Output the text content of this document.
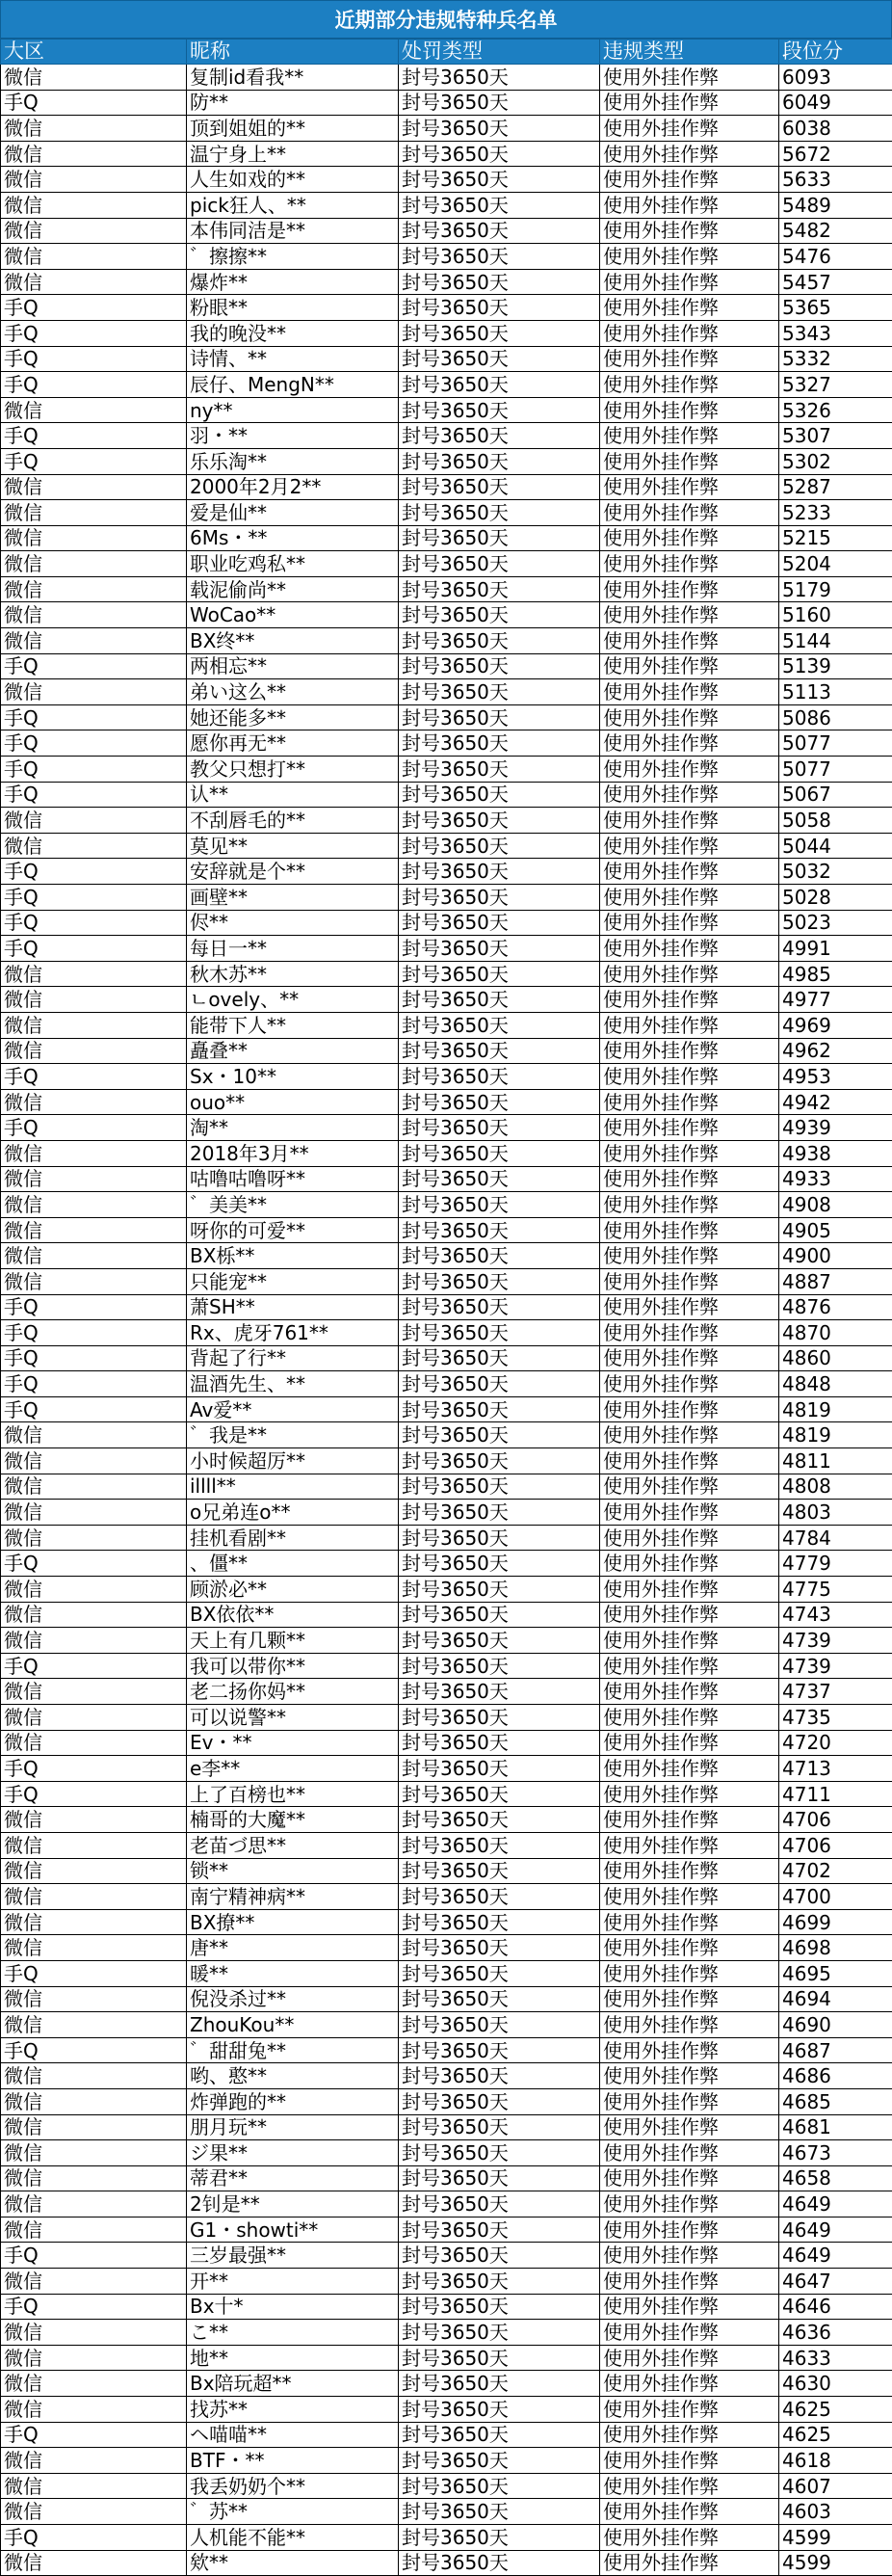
近期部分违规特种兵名单
大区	昵称	处罚类型	违规类型	段位分
微信	复制id看我**	封号3650天	使用外挂作弊	6093
手Q	防**	封号3650天	使用外挂作弊	6049
微信	顶到姐姐的**	封号3650天	使用外挂作弊	6038
微信	温宁身上**	封号3650天	使用外挂作弊	5672
微信	人生如戏的**	封号3650天	使用外挂作弊	5633
微信	pick狂人、**	封号3650天	使用外挂作弊	5489
微信	本伟同洁是**	封号3650天	使用外挂作弊	5482
微信	゛擦擦**	封号3650天	使用外挂作弊	5476
微信	爆炸**	封号3650天	使用外挂作弊	5457
手Q	粉眼**	封号3650天	使用外挂作弊	5365
手Q	我的晚没**	封号3650天	使用外挂作弊	5343
手Q	诗情、**	封号3650天	使用外挂作弊	5332
手Q	辰仔、MengN**	封号3650天	使用外挂作弊	5327
微信	ny**	封号3650天	使用外挂作弊	5326
手Q	羽・**	封号3650天	使用外挂作弊	5307
手Q	乐乐淘**	封号3650天	使用外挂作弊	5302
微信	2000年2月2**	封号3650天	使用外挂作弊	5287
微信	爱是仙**	封号3650天	使用外挂作弊	5233
微信	6Ms・**	封号3650天	使用外挂作弊	5215
微信	职业吃鸡私**	封号3650天	使用外挂作弊	5204
微信	载泥偷尚**	封号3650天	使用外挂作弊	5179
微信	WoCao**	封号3650天	使用外挂作弊	5160
微信	BX终**	封号3650天	使用外挂作弊	5144
手Q	两相忘**	封号3650天	使用外挂作弊	5139
微信	弟い这么**	封号3650天	使用外挂作弊	5113
手Q	她还能多**	封号3650天	使用外挂作弊	5086
手Q	愿你再无**	封号3650天	使用外挂作弊	5077
手Q	教父只想打**	封号3650天	使用外挂作弊	5077
手Q	认**	封号3650天	使用外挂作弊	5067
微信	不刮唇毛的**	封号3650天	使用外挂作弊	5058
微信	莫见**	封号3650天	使用外挂作弊	5044
手Q	安辞就是个**	封号3650天	使用外挂作弊	5032
手Q	画壁**	封号3650天	使用外挂作弊	5028
手Q	侭**	封号3650天	使用外挂作弊	5023
手Q	每日一**	封号3650天	使用外挂作弊	4991
微信	秋木苏**	封号3650天	使用外挂作弊	4985
微信	ㄴovely、**	封号3650天	使用外挂作弊	4977
微信	能带下人**	封号3650天	使用外挂作弊	4969
微信	矗叠**	封号3650天	使用外挂作弊	4962
手Q	Sx・10**	封号3650天	使用外挂作弊	4953
微信	ouo**	封号3650天	使用外挂作弊	4942
手Q	淘**	封号3650天	使用外挂作弊	4939
微信	2018年3月**	封号3650天	使用外挂作弊	4938
微信	咕噜咕噜呀**	封号3650天	使用外挂作弊	4933
微信	゛美美**	封号3650天	使用外挂作弊	4908
微信	呀你的可爱**	封号3650天	使用外挂作弊	4905
微信	BX栎**	封号3650天	使用外挂作弊	4900
微信	只能宠**	封号3650天	使用外挂作弊	4887
手Q	萧SH**	封号3650天	使用外挂作弊	4876
手Q	Rx、虎牙761**	封号3650天	使用外挂作弊	4870
手Q	背起了行**	封号3650天	使用外挂作弊	4860
手Q	温酒先生、**	封号3650天	使用外挂作弊	4848
手Q	Av爱**	封号3650天	使用外挂作弊	4819
微信	゛我是**	封号3650天	使用外挂作弊	4819
微信	小时候超厉**	封号3650天	使用外挂作弊	4811
微信	illll**	封号3650天	使用外挂作弊	4808
微信	o兄弟连o**	封号3650天	使用外挂作弊	4803
微信	挂机看剧**	封号3650天	使用外挂作弊	4784
手Q	、僵**	封号3650天	使用外挂作弊	4779
微信	顾淤必**	封号3650天	使用外挂作弊	4775
微信	BX依依**	封号3650天	使用外挂作弊	4743
微信	天上有几颗**	封号3650天	使用外挂作弊	4739
手Q	我可以带你**	封号3650天	使用外挂作弊	4739
微信	老二扬你妈**	封号3650天	使用外挂作弊	4737
微信	可以说警**	封号3650天	使用外挂作弊	4735
微信	Ev・**	封号3650天	使用外挂作弊	4720
手Q	e李**	封号3650天	使用外挂作弊	4713
手Q	上了百榜也**	封号3650天	使用外挂作弊	4711
微信	楠哥的大魔**	封号3650天	使用外挂作弊	4706
微信	老苗づ思**	封号3650天	使用外挂作弊	4706
微信	锁**	封号3650天	使用外挂作弊	4702
微信	南宁精神病**	封号3650天	使用外挂作弊	4700
微信	BX撩**	封号3650天	使用外挂作弊	4699
微信	唐**	封号3650天	使用外挂作弊	4698
手Q	暖**	封号3650天	使用外挂作弊	4695
微信	倪没杀过**	封号3650天	使用外挂作弊	4694
微信	ZhouKou**	封号3650天	使用外挂作弊	4690
手Q	゛甜甜兔**	封号3650天	使用外挂作弊	4687
微信	哟、憨**	封号3650天	使用外挂作弊	4686
微信	炸弹跑的**	封号3650天	使用外挂作弊	4685
微信	朋月玩**	封号3650天	使用外挂作弊	4681
微信	ジ果**	封号3650天	使用外挂作弊	4673
微信	蒂君**	封号3650天	使用外挂作弊	4658
微信	2钊是**	封号3650天	使用外挂作弊	4649
微信	G1・showti**	封号3650天	使用外挂作弊	4649
手Q	三岁最强**	封号3650天	使用外挂作弊	4649
微信	开**	封号3650天	使用外挂作弊	4647
手Q	Bx十*	封号3650天	使用外挂作弊	4646
微信	こ**	封号3650天	使用外挂作弊	4636
微信	地**	封号3650天	使用外挂作弊	4633
微信	Bx陪玩超**	封号3650天	使用外挂作弊	4630
微信	找苏**	封号3650天	使用外挂作弊	4625
手Q	ヘ喵喵**	封号3650天	使用外挂作弊	4625
微信	BTF・**	封号3650天	使用外挂作弊	4618
微信	我丢奶奶个**	封号3650天	使用外挂作弊	4607
微信	゛苏**	封号3650天	使用外挂作弊	4603
手Q	人机能不能**	封号3650天	使用外挂作弊	4599
微信	欸**	封号3650天	使用外挂作弊	4599
